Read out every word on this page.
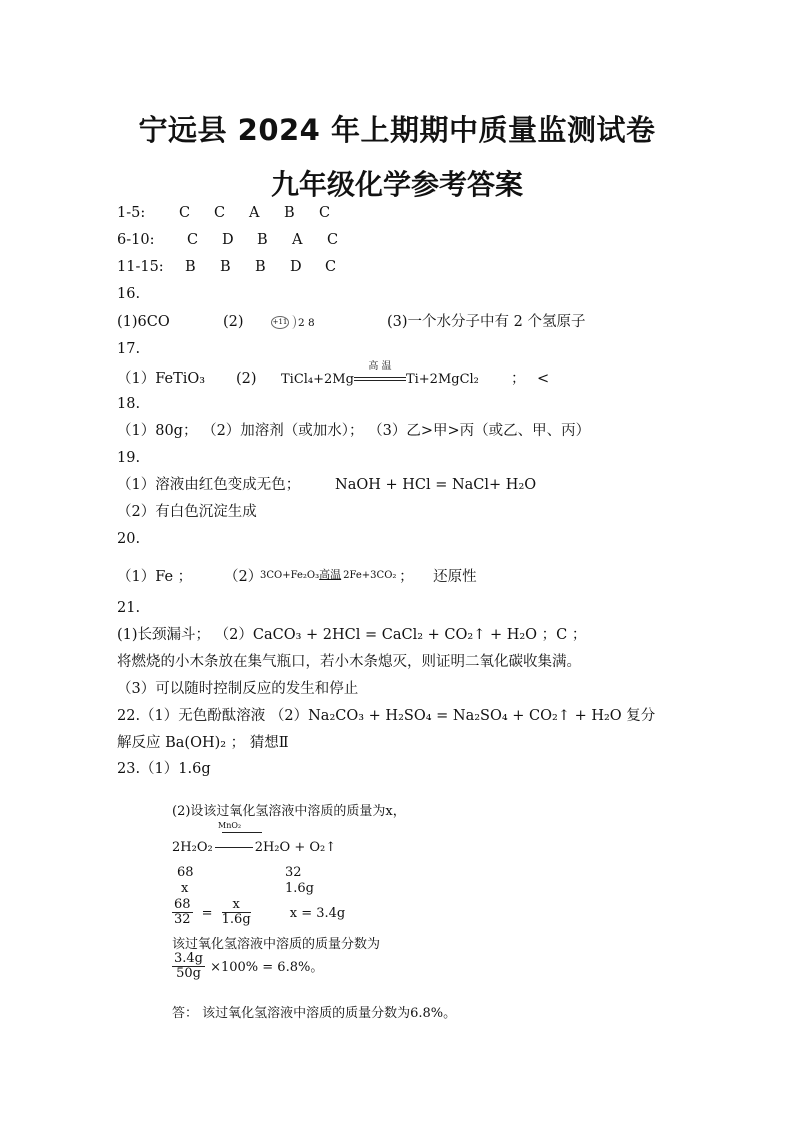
宁远县 2024 年上期期中质量监测试卷
九年级化学参考答案
1-5: C C A B C
6-10: C D B A C
11-15: B B B D C
16.
(1)6CO	(2)	+11 2 8	(3)一个水分子中有 2 个氢原子
17.
（1）FeTiO₃ (2) TiCl₄+2Mg
高 温
Ti+2MgCl₂ ； <
18.
（1）80g； （2）加溶剂（或加水）； （3）乙>甲>丙（或乙、甲、丙）
19.
（1）溶液由红色变成无色； NaOH + HCl = NaCl+ H₂O
（2）有白色沉淀生成
20.
（1）Fe ； $(2)^{3CO+Fe_2O_3高温}$ 2Fe+3CO₂ ； 还原性
21.
(1)长颈漏斗； （2）CaCO₃ + 2HCl = CaCl₂ + CO₂↑ + H₂O ；C ；
将燃烧的小木条放在集气瓶口，若小木条熄灭，则证明二氧化碳收集满。
（3）可以随时控制反应的发生和停止
22.（1）无色酚酞溶液 （2）Na₂CO₃ + H₂SO₄ = Na₂SO₄ + CO₂↑ + H₂O 复分
解反应 Ba(OH)₂ ； 猜想Ⅱ
23.（1）1.6g
(2)设该过氧化氢溶液中溶质的质量为x，
MnO₂
2H₂O₂	2H₂O + O₂↑
68	32
x	1.6g
$\frac{68}{32} = \frac{x}{1.6g}$	x = 3.4g
该过氧化氢溶液中溶质的质量分数为
$\frac{3.4g}{50g} \times 100\% = 6.8\%$。
答： 该过氧化氢溶液中溶质的质量分数为6.8%。
